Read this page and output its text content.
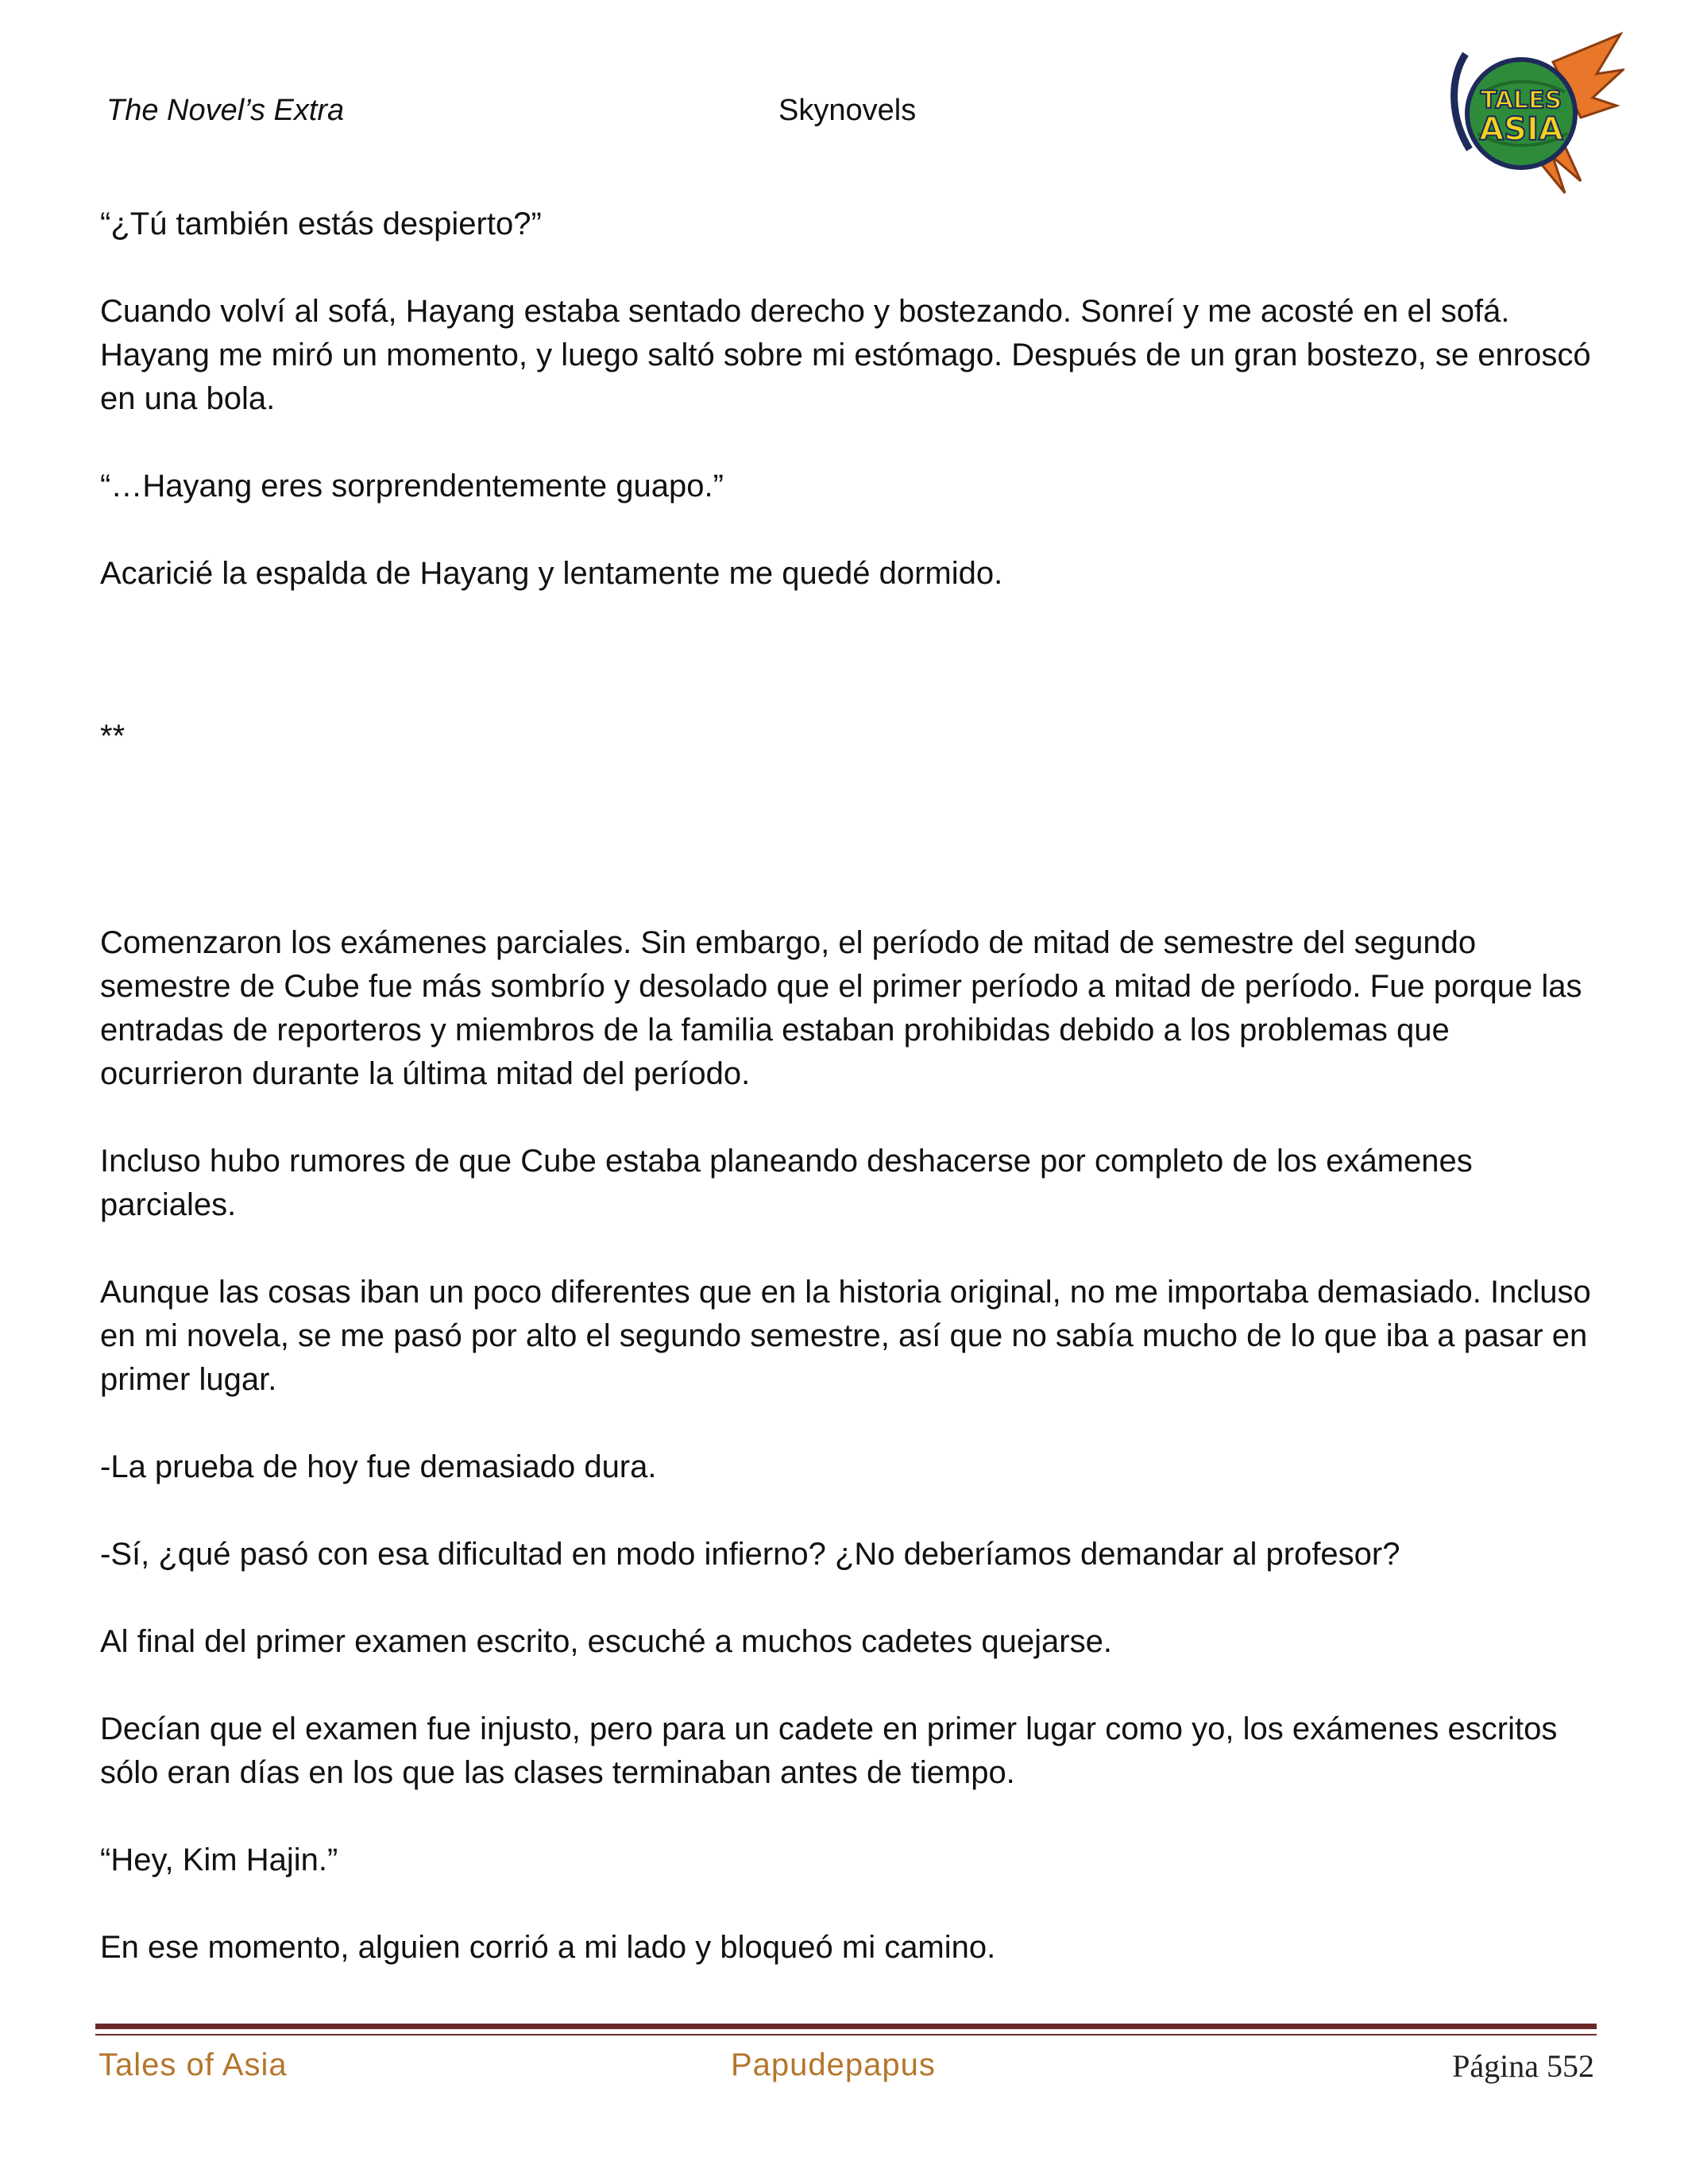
The Novel’s Extra	Skynovels	TALES
ASIA

“¿Tú también estás despierto?”

Cuando volví al sofá, Hayang estaba sentado derecho y bostezando. Sonreí y me acosté en el sofá. Hayang me miró un momento, y luego saltó sobre mi estómago. Después de un gran bostezo, se enroscó en una bola.

“…Hayang eres sorprendentemente guapo.”

Acaricié la espalda de Hayang y lentamente me quedé dormido.

**

Comenzaron los exámenes parciales. Sin embargo, el período de mitad de semestre del segundo semestre de Cube fue más sombrío y desolado que el primer período a mitad de período. Fue porque las entradas de reporteros y miembros de la familia estaban prohibidas debido a los problemas que ocurrieron durante la última mitad del período.

Incluso hubo rumores de que Cube estaba planeando deshacerse por completo de los exámenes parciales.

Aunque las cosas iban un poco diferentes que en la historia original, no me importaba demasiado. Incluso en mi novela, se me pasó por alto el segundo semestre, así que no sabía mucho de lo que iba a pasar en primer lugar.

-La prueba de hoy fue demasiado dura.

-Sí, ¿qué pasó con esa dificultad en modo infierno? ¿No deberíamos demandar al profesor?

Al final del primer examen escrito, escuché a muchos cadetes quejarse.

Decían que el examen fue injusto, pero para un cadete en primer lugar como yo, los exámenes escritos sólo eran días en los que las clases terminaban antes de tiempo.

“Hey, Kim Hajin.”

En ese momento, alguien corrió a mi lado y bloqueó mi camino.

Tales of Asia	Papudepapus	Página 552
